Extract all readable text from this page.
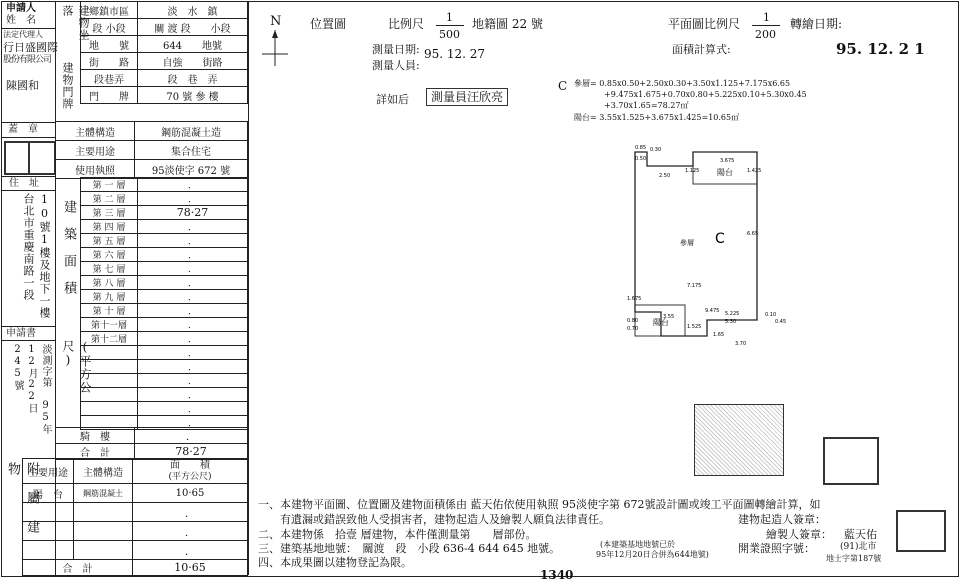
申請人
姓　名
法定代理人
行日盛國際
股份有限公司
陳國和
蓋　章
住　址
10號1樓及地下一樓台北市重慶南路一段
申請書
淡測字第 95年12月22日 245號
建物坐落
建物門牌
鄉鎮市區	淡　水　鎮
段 小段	關 渡 段　　小段
地　　號	644　　地號
街　　路	自強　　街路
段巷弄	段　巷　弄
門　　牌	70 號 參 樓
主體構造	鋼筋混凝土造
主要用途	集合住宅
使用執照	95淡使字 672 號
建築面積
(平方公尺)
第 一 層	．
第 二 層	．
第 三 層	78·27
第 四 層	．
第 五 層	．
第 六 層	．
第 七 層	．
第 八 層	．
第 九 層	．
第 十 層	．
第十一層	．
第十二層	．
	．
	．
	．
	．
	．
	．
騎　樓	．
合　計	78·27
附屬建物 主要用途	主體構造	面　　積
(平方公尺)
陽　台	鋼筋混凝土	10·65
		．
		．
		．
合　計		10·65
N 位置圖	比例尺 1
500
地籍圖 22 號
測量日期: 95. 12. 27
測量人員:
詳如后	測量員汪欣亮
平面圖比例尺 1
200
轉繪日期:
面積計算式:	95. 12. 2 1
C 參層= 0.85x0.50+2.50x0.30+3.50x1.125+7.175x6.65
+9.475x1.675+0.70x0.80+5.225x0.10+5.30x0.45
+3.70x1.65=78.27㎡
陽台= 3.55x1.525+3.675x1.425=10.65㎡
參層 C
陽台
陽台
0.85 0.30
2.50
1.125
3.675
1.425
6.65
7.175
1.675
9.475 5.225
5.30
0.10
0.45
3.55
1.525
0.80
0.70
3.70
1.65
0.50
一、本建物平面圖、位置圖及建物面積係由 藍天佑依使用執照 95淡使字第 672號設計圖或竣工平面圖轉繪計算，如
　　有遺漏或錯誤致他人受損害者，建物起造人及繪製人願負法律責任。
二、本建物係　拾壹 層建物，本件僅測量第　　層部份。
三、建築基地地號：　關渡　段　小段 636-4 644 645 地號。
四、本成果圖以建物登記為限。
(本建築基地地號已於
95年12月20日合併為644地號)
建物起造人簽章：
繪製人簽章： 藍天佑
開業證照字號：	(91)北市
地士字第187號
1340
